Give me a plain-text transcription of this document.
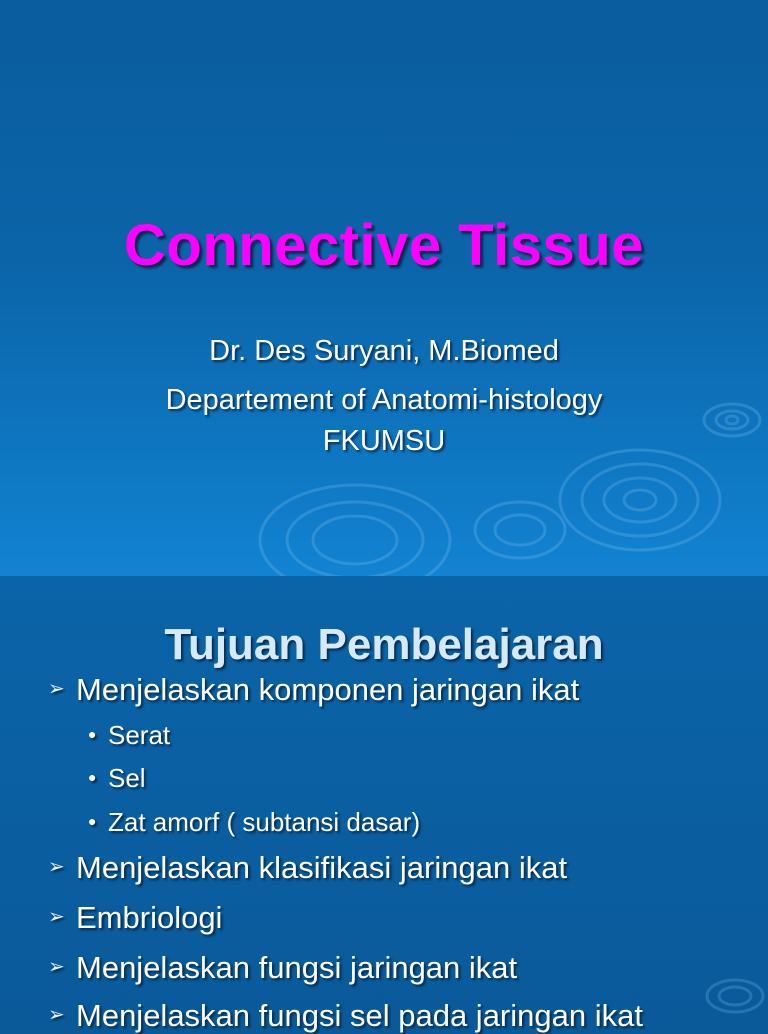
Connective Tissue

Dr. Des Suryani, M.Biomed

Departement of Anatomi-histology

FKUMSU

Tujuan Pembelajaran
➢ Menjelaskan komponen jaringan ikat
● Serat
● Sel
● Zat amorf ( subtansi dasar)
➢ Menjelaskan klasifikasi jaringan ikat
➢ Embriologi
➢ Menjelaskan fungsi jaringan ikat
➢ Menjelaskan fungsi sel pada jaringan ikat
